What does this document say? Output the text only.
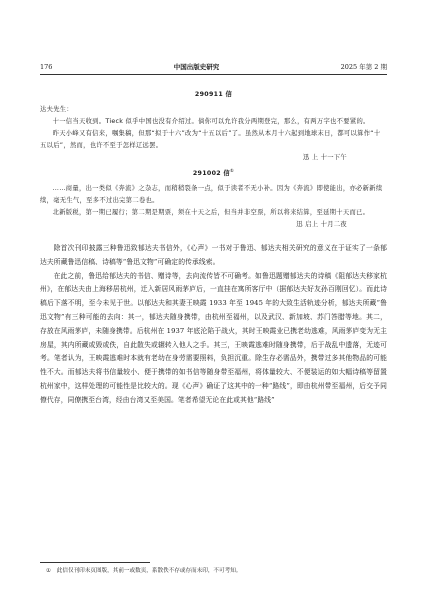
176	中国出版史研究	2025 年第 2 期

290911 信

达夫先生：

十一信当天收到。Tieck 似乎中国也没有介绍过。倘你可以允许我分两期登完，那么，有两万字也不要紧的。

昨天小峰又有信来，嘱集稿，但那“拟于十六”改为“十五以后”了。虽然从本月十六起到地球末日，都可以算作“十五以后”，然而，也许不至于怎样辽远罢。

迅 上 十一下午

291002 信①

……商量，出一类似《奔流》之杂志，而稍稍裂条一点，似于读者不无小补。因为《奔流》即使能出，亦必新新续续，毫无生气，至多不过出完第二卷也。

北新版税，第一期已履行；第二期是期票，须在十天之后，但当并非空票，所以将来结算，至延期十天而已。

迅 启上 十月二夜

除首次刊印披露三种鲁迅致郁达夫书信外，《心声》一书对于鲁迅、郁达夫相关研究的意义在于证实了一条郁达夫所藏鲁迅信稿、诗稿等“鲁迅文物”可确定的传承线索。

在此之前，鲁迅给郁达夫的书信、赠诗等，去向流传皆不可确考。如鲁迅题赠郁达夫的诗稿《阻郁达夫移家杭州》，在郁达夫由上海移居杭州，迁入新居风雨茅庐后，一直挂在寓所客厅中（据郁达夫好友孙百刚回忆）。而此诗稿后下落不明，至今未见于世。以郁达夫和其妻王映霞 1933 年至 1945 年的大致生活轨迹分析，郁达夫所藏“鲁迅文物”有三种可能的去向：其一，郁达夫随身携带，由杭州至福州，以及武汉、新加坡、苏门答腊等地。其二，存放在风雨茅庐，未随身携带。后杭州在 1937 年底沦陷于战火，其时王映霞业已携老幼逃难，风雨茅庐变为无主房屋，其内所藏或毁或佚，自此散失或辗转入他人之手。其三，王映霞逃难时随身携带，后于战乱中遗落，无迹可考。笔者认为，王映霞逃难时本就有老幼在身劳需要照料，负担沉重。除生存必需品外，携带过多其他物品的可能性不大。而郁达夫将书信量较小、便于携带的如书信等随身带至福州，将体量较大、不便装运的如大幅诗稿等留置杭州家中，这样处理的可能性是比较大的。现《心声》确证了这其中的一种“路线”，即由杭州带至福州，后交予同僚代存，同僚携至台湾，经由台湾又至美国。笔者希望无论在此或其他“路线”

① 此信仅刊印未页图版，其前一或数页，系散佚不存或存而未印，不可考知。
